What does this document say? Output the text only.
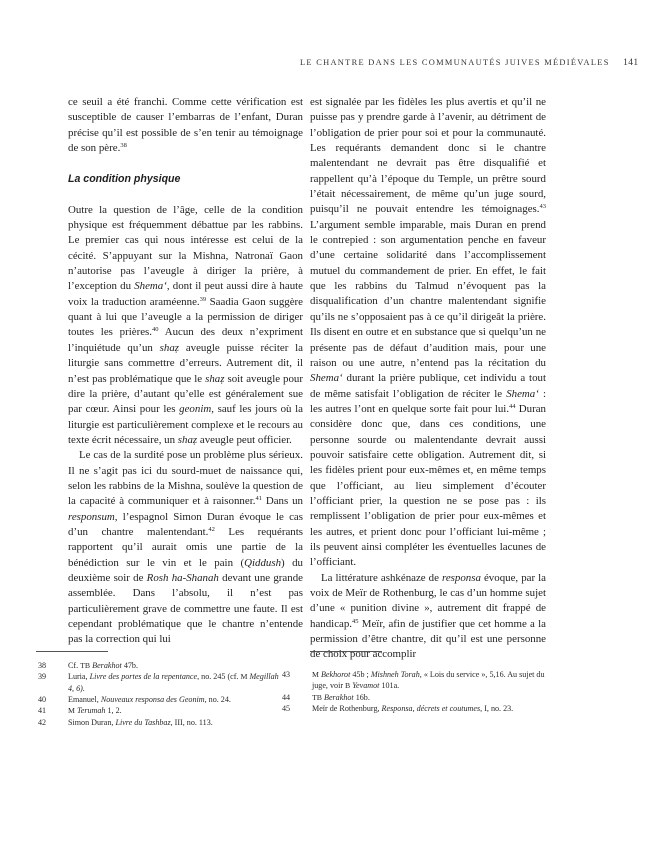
LE CHANTRE DANS LES COMMUNAUTÉS JUIVES MÉDIÉVALES 141

ce seuil a été franchi. Comme cette vérification est susceptible de causer l’embarras de l’enfant, Duran précise qu’il est possible de s’en tenir au témoignage de son père.$^{38}$

La condition physique

Outre la question de l’âge, celle de la condition physique est fréquemment débattue par les rabbins. Le premier cas qui nous intéresse est celui de la cécité. S’appuyant sur la Mishna, Natronaï Gaon n’autorise pas l’aveugle à diriger la prière, à l’exception du Shema‘, dont il peut aussi dire à haute voix la traduction araméenne.$^{39}$ Saadia Gaon suggère quant à lui que l’aveugle a la permission de diriger toutes les prières.$^{40}$ Aucun des deux n’expriment l’inquiétude qu’un shaẓ aveugle puisse réciter la liturgie sans commettre d’erreurs. Autrement dit, il n’est pas problématique que le shaẓ soit aveugle pour dire la prière, d’autant qu’elle est généralement sue par cœur. Ainsi pour les geonim, sauf les jours où la liturgie est particulièrement complexe et le recours au texte écrit nécessaire, un shaẓ aveugle peut officier.

Le cas de la surdité pose un problème plus sérieux. Il ne s’agit pas ici du sourd-muet de naissance qui, selon les rabbins de la Mishna, soulève la question de la capacité à communiquer et à raisonner.$^{41}$ Dans un responsum, l’espagnol Simon Duran évoque le cas d’un chantre malentendant.$^{42}$ Les requérants rapportent qu’il aurait omis une partie de la bénédiction sur le vin et le pain (Qiddush) du deuxième soir de Rosh ha-Shanah devant une grande assemblée. Dans l’absolu, il n’est pas particulièrement grave de commettre une faute. Il est cependant problématique que le chantre n’entende pas la correction qui lui

est signalée par les fidèles les plus avertis et qu’il ne puisse pas y prendre garde à l’avenir, au détriment de l’obligation de prier pour soi et pour la communauté. Les requérants demandent donc si le chantre malentendant ne devrait pas être disqualifié et rappellent qu’à l’époque du Temple, un prêtre sourd l’était nécessairement, de même qu’un juge sourd, puisqu’il ne pouvait entendre les témoignages.$^{43}$ L’argument semble imparable, mais Duran en prend le contrepied : son argumentation penche en faveur d’une certaine solidarité dans l’accomplissement mutuel du commandement de prier. En effet, le fait que les rabbins du Talmud n’évoquent pas la disqualification d’un chantre malentendant signifie qu’ils ne s’opposaient pas à ce qu’il dirigeât la prière. Ils disent en outre et en substance que si quelqu’un ne présente pas de défaut d’audition mais, pour une raison ou une autre, n’entend pas la récitation du Shema‘ durant la prière publique, cet individu a tout de même satisfait l’obligation de réciter le Shema‘ : les autres l’ont en quelque sorte fait pour lui.$^{44}$ Duran considère donc que, dans ces conditions, une personne sourde ou malentendante devrait aussi pouvoir satisfaire cette obligation. Autrement dit, si les fidèles prient pour eux-mêmes et, en même temps que l’officiant, au lieu simplement d’écouter l’officiant prier, la question ne se pose pas : ils remplissent l’obligation de prier pour eux-mêmes et les autres, et prient donc pour l’officiant lui-même ; ils peuvent ainsi compléter les éventuelles lacunes de l’officiant.

La littérature ashkénaze de responsa évoque, par la voix de Meïr de Rothenburg, le cas d’un homme sujet d’une « punition divine », autrement dit frappé de handicap.$^{45}$ Meïr, afin de justifier que cet homme a la permission d’être chantre, dit qu’il est une personne de choix pour accomplir

38	Cf. TB Berakhot 47b.
39	Luria, Livre des portes de la repentance, no. 245 (cf. M Megillah 4, 6).
40	Emanuel, Nouveaux responsa des Geonim, no. 24.
41	M Terumah 1, 2.
42	Simon Duran, Livre du Tashbaz, III, no. 113.
43	M Bekhorot 45b ; Mishneh Torah, « Lois du service », 5,16. Au sujet du juge, voir B Yevamot 101a.
44	TB Berakhot 16b.
45	Meïr de Rothenburg, Responsa, décrets et coutumes, I, no. 23.
